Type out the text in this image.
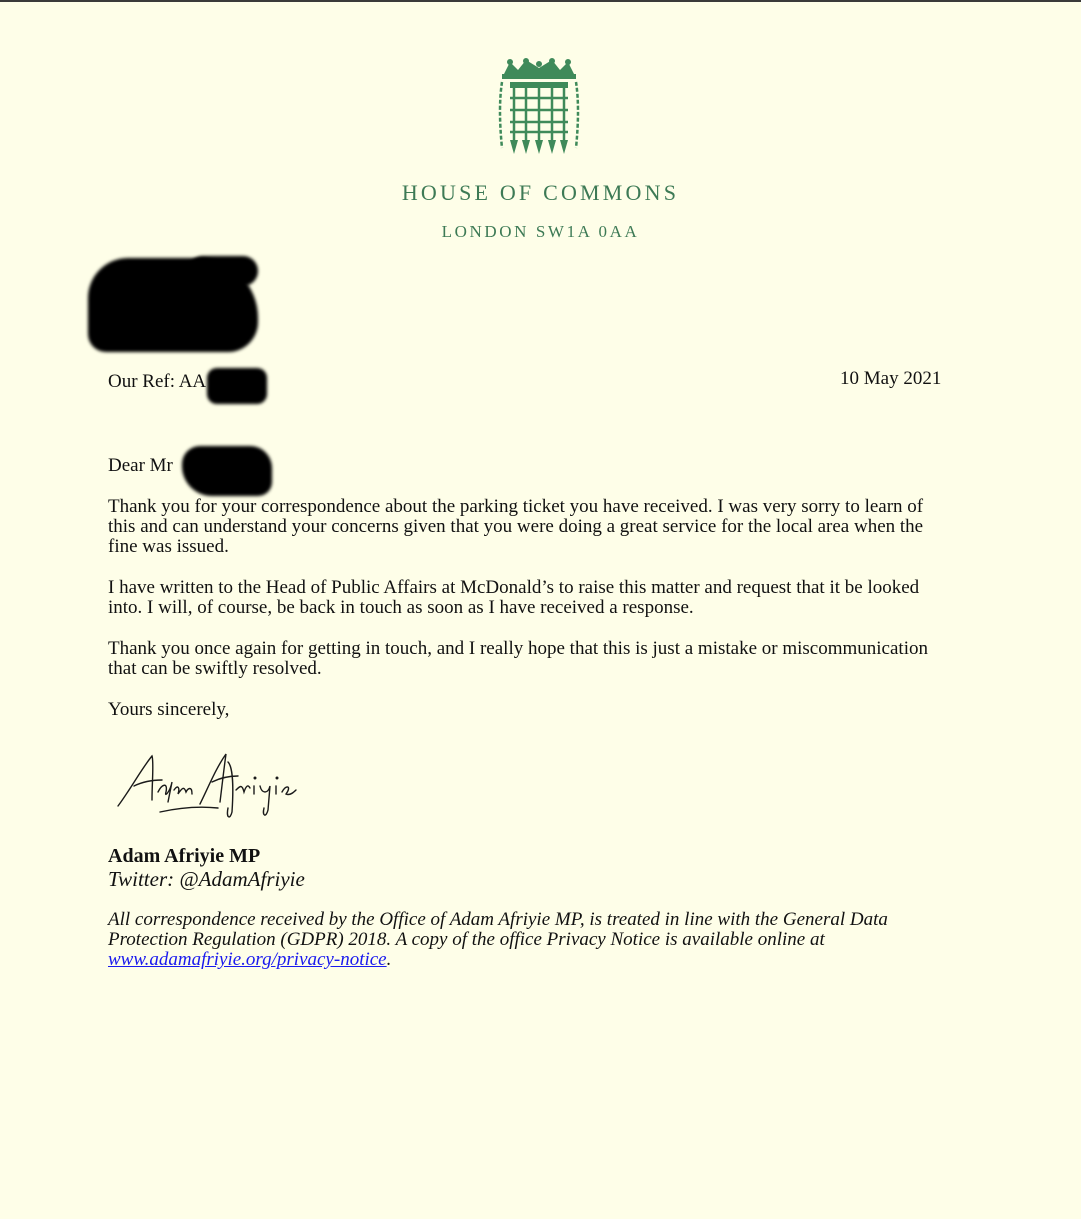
HOUSE OF COMMONS
LONDON SW1A 0AA
Our Ref: AA	10 May 2021
Dear Mr
Thank you for your correspondence about the parking ticket you have received. I was very sorry to learn of this and can understand your concerns given that you were doing a great service for the local area when the fine was issued.
I have written to the Head of Public Affairs at McDonald’s to raise this matter and request that it be looked into. I will, of course, be back in touch as soon as I have received a response.
Thank you once again for getting in touch, and I really hope that this is just a mistake or miscommunication that can be swiftly resolved.
Yours sincerely,
Adam Afriyie MP
Twitter: @AdamAfriyie
All correspondence received by the Office of Adam Afriyie MP, is treated in line with the General Data Protection Regulation (GDPR) 2018. A copy of the office Privacy Notice is available online at www.adamafriyie.org/privacy-notice.
